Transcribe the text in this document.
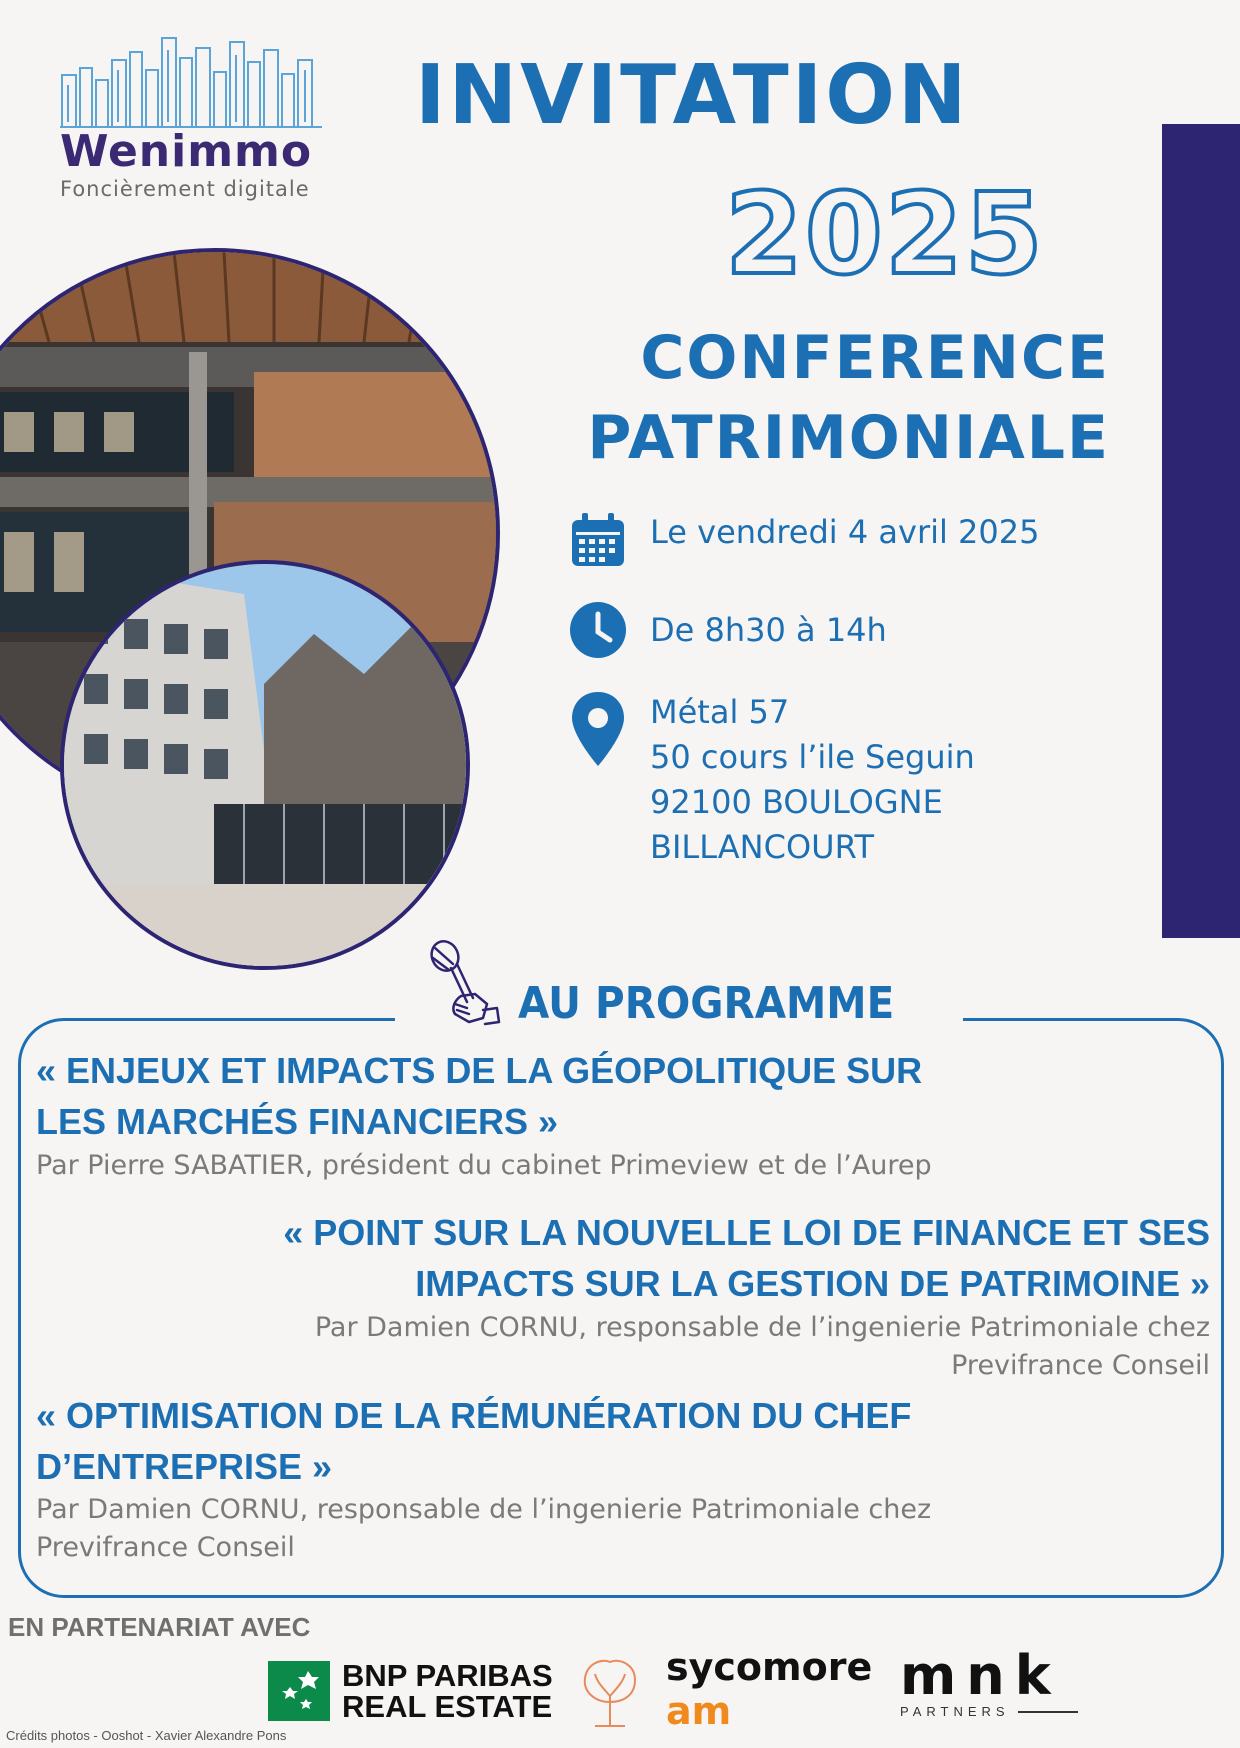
Wenimmo
Foncièrement digitale
INVITATION
2025
CONFERENCE
PATRIMONIALE
Le vendredi 4 avril 2025
De 8h30 à 14h
Métal 57
50 cours l’ile Seguin
92100 BOULOGNE
BILLANCOURT
AU PROGRAMME
« ENJEUX ET IMPACTS DE LA GÉOPOLITIQUE SUR
LES MARCHÉS FINANCIERS »
Par Pierre SABATIER, président du cabinet Primeview et de l’Aurep
« POINT SUR LA NOUVELLE LOI DE FINANCE ET SES
IMPACTS SUR LA GESTION DE PATRIMOINE »
Par Damien CORNU, responsable de l’ingenierie Patrimoniale chez
Previfrance Conseil
« OPTIMISATION DE LA RÉMUNÉRATION DU CHEF
D’ENTREPRISE »
Par Damien CORNU, responsable de l’ingenierie Patrimoniale chez
Previfrance Conseil
EN PARTENARIAT AVEC
BNP PARIBAS
REAL ESTATE
sycomore
am
mnk
PARTNERS
Crédits photos - Ooshot - Xavier Alexandre Pons
